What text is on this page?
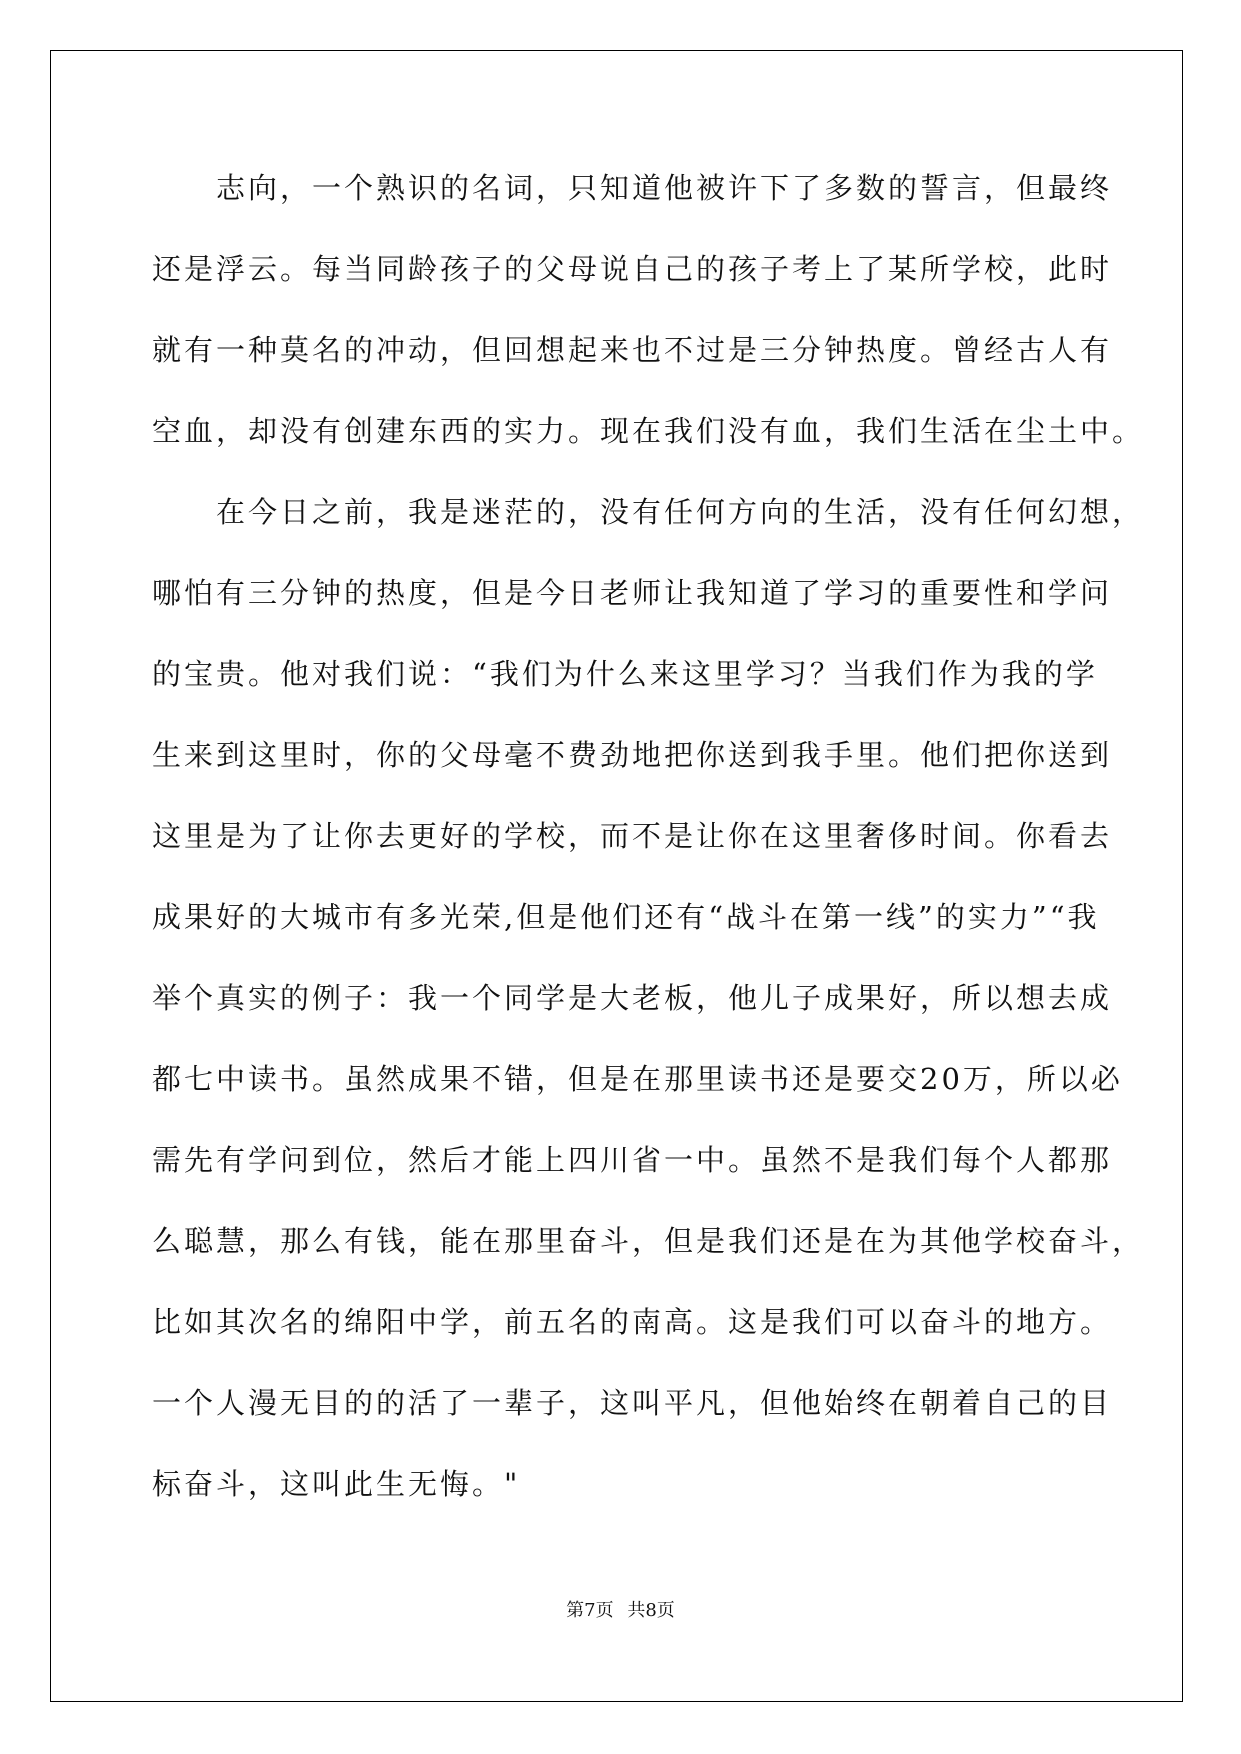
　　志向，一个熟识的名词，只知道他被许下了多数的誓言，但最终
还是浮云。每当同龄孩子的父母说自己的孩子考上了某所学校，此时
就有一种莫名的冲动，但回想起来也不过是三分钟热度。曾经古人有
空血，却没有创建东西的实力。现在我们没有血，我们生活在尘土中。
　　在今日之前，我是迷茫的，没有任何方向的生活，没有任何幻想，
哪怕有三分钟的热度，但是今日老师让我知道了学习的重要性和学问
的宝贵。他对我们说：“我们为什么来这里学习？当我们作为我的学
生来到这里时，你的父母毫不费劲地把你送到我手里。他们把你送到
这里是为了让你去更好的学校，而不是让你在这里奢侈时间。你看去
成果好的大城市有多光荣,但是他们还有“战斗在第一线”的实力”“我
举个真实的例子：我一个同学是大老板，他儿子成果好，所以想去成
都七中读书。虽然成果不错，但是在那里读书还是要交20万，所以必
需先有学问到位，然后才能上四川省一中。虽然不是我们每个人都那
么聪慧，那么有钱，能在那里奋斗，但是我们还是在为其他学校奋斗，
比如其次名的绵阳中学，前五名的南高。这是我们可以奋斗的地方。
一个人漫无目的的活了一辈子，这叫平凡，但他始终在朝着自己的目
标奋斗，这叫此生无悔。"
第7页 共8页
